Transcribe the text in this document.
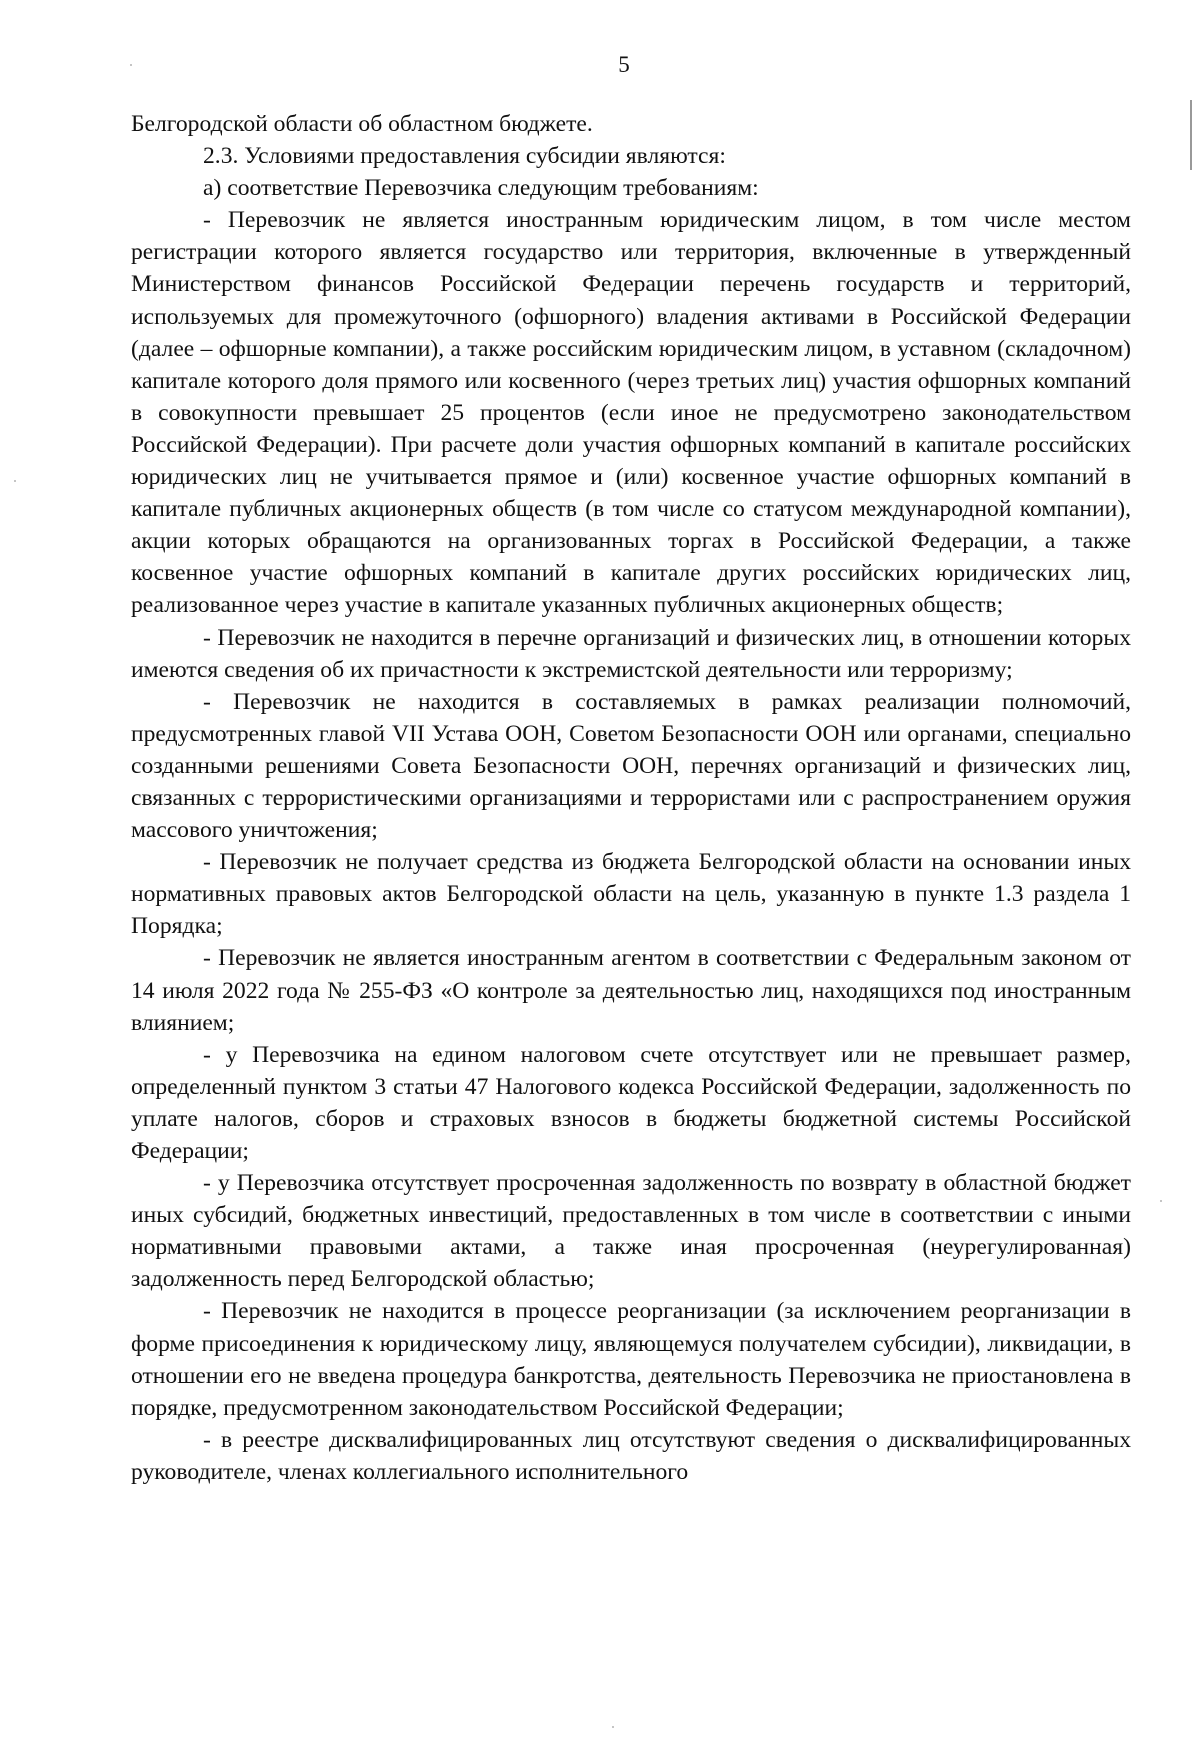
5

Белгородской области об областном бюджете.

2.3. Условиями предоставления субсидии являются:

а) соответствие Перевозчика следующим требованиям:

- Перевозчик не является иностранным юридическим лицом, в том числе местом регистрации которого является государство или территория, включенные в утвержденный Министерством финансов Российской Федерации перечень государств и территорий, используемых для промежуточного (офшорного) владения активами в Российской Федерации (далее – офшорные компании), а также российским юридическим лицом, в уставном (складочном) капитале которого доля прямого или косвенного (через третьих лиц) участия офшорных компаний в совокупности превышает 25 процентов (если иное не предусмотрено законодательством Российской Федерации). При расчете доли участия офшорных компаний в капитале российских юридических лиц не учитывается прямое и (или) косвенное участие офшорных компаний в капитале публичных акционерных обществ (в том числе со статусом международной компании), акции которых обращаются на организованных торгах в Российской Федерации, а также косвенное участие офшорных компаний в капитале других российских юридических лиц, реализованное через участие в капитале указанных публичных акционерных обществ;

- Перевозчик не находится в перечне организаций и физических лиц, в отношении которых имеются сведения об их причастности к экстремистской деятельности или терроризму;

- Перевозчик не находится в составляемых в рамках реализации полномочий, предусмотренных главой VII Устава ООН, Советом Безопасности ООН или органами, специально созданными решениями Совета Безопасности ООН, перечнях организаций и физических лиц, связанных с террористическими организациями и террористами или с распространением оружия массового уничтожения;

- Перевозчик не получает средства из бюджета Белгородской области на основании иных нормативных правовых актов Белгородской области на цель, указанную в пункте 1.3 раздела 1 Порядка;

- Перевозчик не является иностранным агентом в соответствии с Федеральным законом от 14 июля 2022 года № 255-ФЗ «О контроле за деятельностью лиц, находящихся под иностранным влиянием;

- у Перевозчика на едином налоговом счете отсутствует или не превышает размер, определенный пунктом 3 статьи 47 Налогового кодекса Российской Федерации, задолженность по уплате налогов, сборов и страховых взносов в бюджеты бюджетной системы Российской Федерации;

- у Перевозчика отсутствует просроченная задолженность по возврату в областной бюджет иных субсидий, бюджетных инвестиций, предоставленных в том числе в соответствии с иными нормативными правовыми актами, а также иная просроченная (неурегулированная) задолженность перед Белгородской областью;

- Перевозчик не находится в процессе реорганизации (за исключением реорганизации в форме присоединения к юридическому лицу, являющемуся получателем субсидии), ликвидации, в отношении его не введена процедура банкротства, деятельность Перевозчика не приостановлена в порядке, предусмотренном законодательством Российской Федерации;

- в реестре дисквалифицированных лиц отсутствуют сведения о дисквалифицированных руководителе, членах коллегиального исполнительного
